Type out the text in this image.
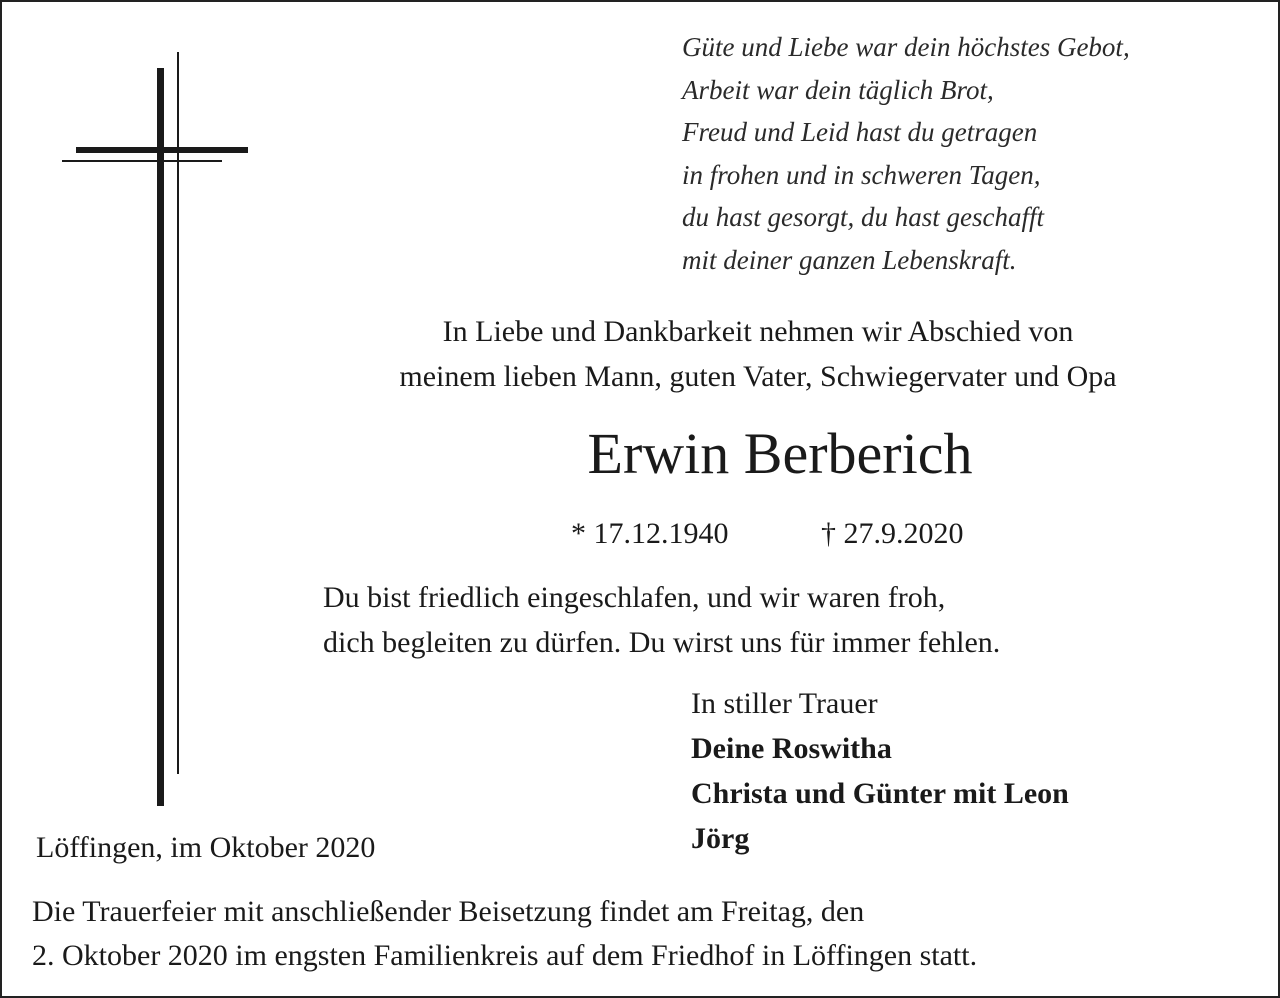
Güte und Liebe war dein höchstes Gebot,
Arbeit war dein täglich Brot,
Freud und Leid hast du getragen
in frohen und in schweren Tagen,
du hast gesorgt, du hast geschafft
mit deiner ganzen Lebenskraft.
In Liebe und Dankbarkeit nehmen wir Abschied von
meinem lieben Mann, guten Vater, Schwiegervater und Opa
Erwin Berberich
* 17.12.1940	† 27.9.2020
Du bist friedlich eingeschlafen, und wir waren froh,
dich begleiten zu dürfen. Du wirst uns für immer fehlen.
In stiller Trauer
Deine Roswitha
Christa und Günter mit Leon
Jörg
Löffingen, im Oktober 2020
Die Trauerfeier mit anschließender Beisetzung findet am Freitag, den
2. Oktober 2020 im engsten Familienkreis auf dem Friedhof in Löffingen statt.
